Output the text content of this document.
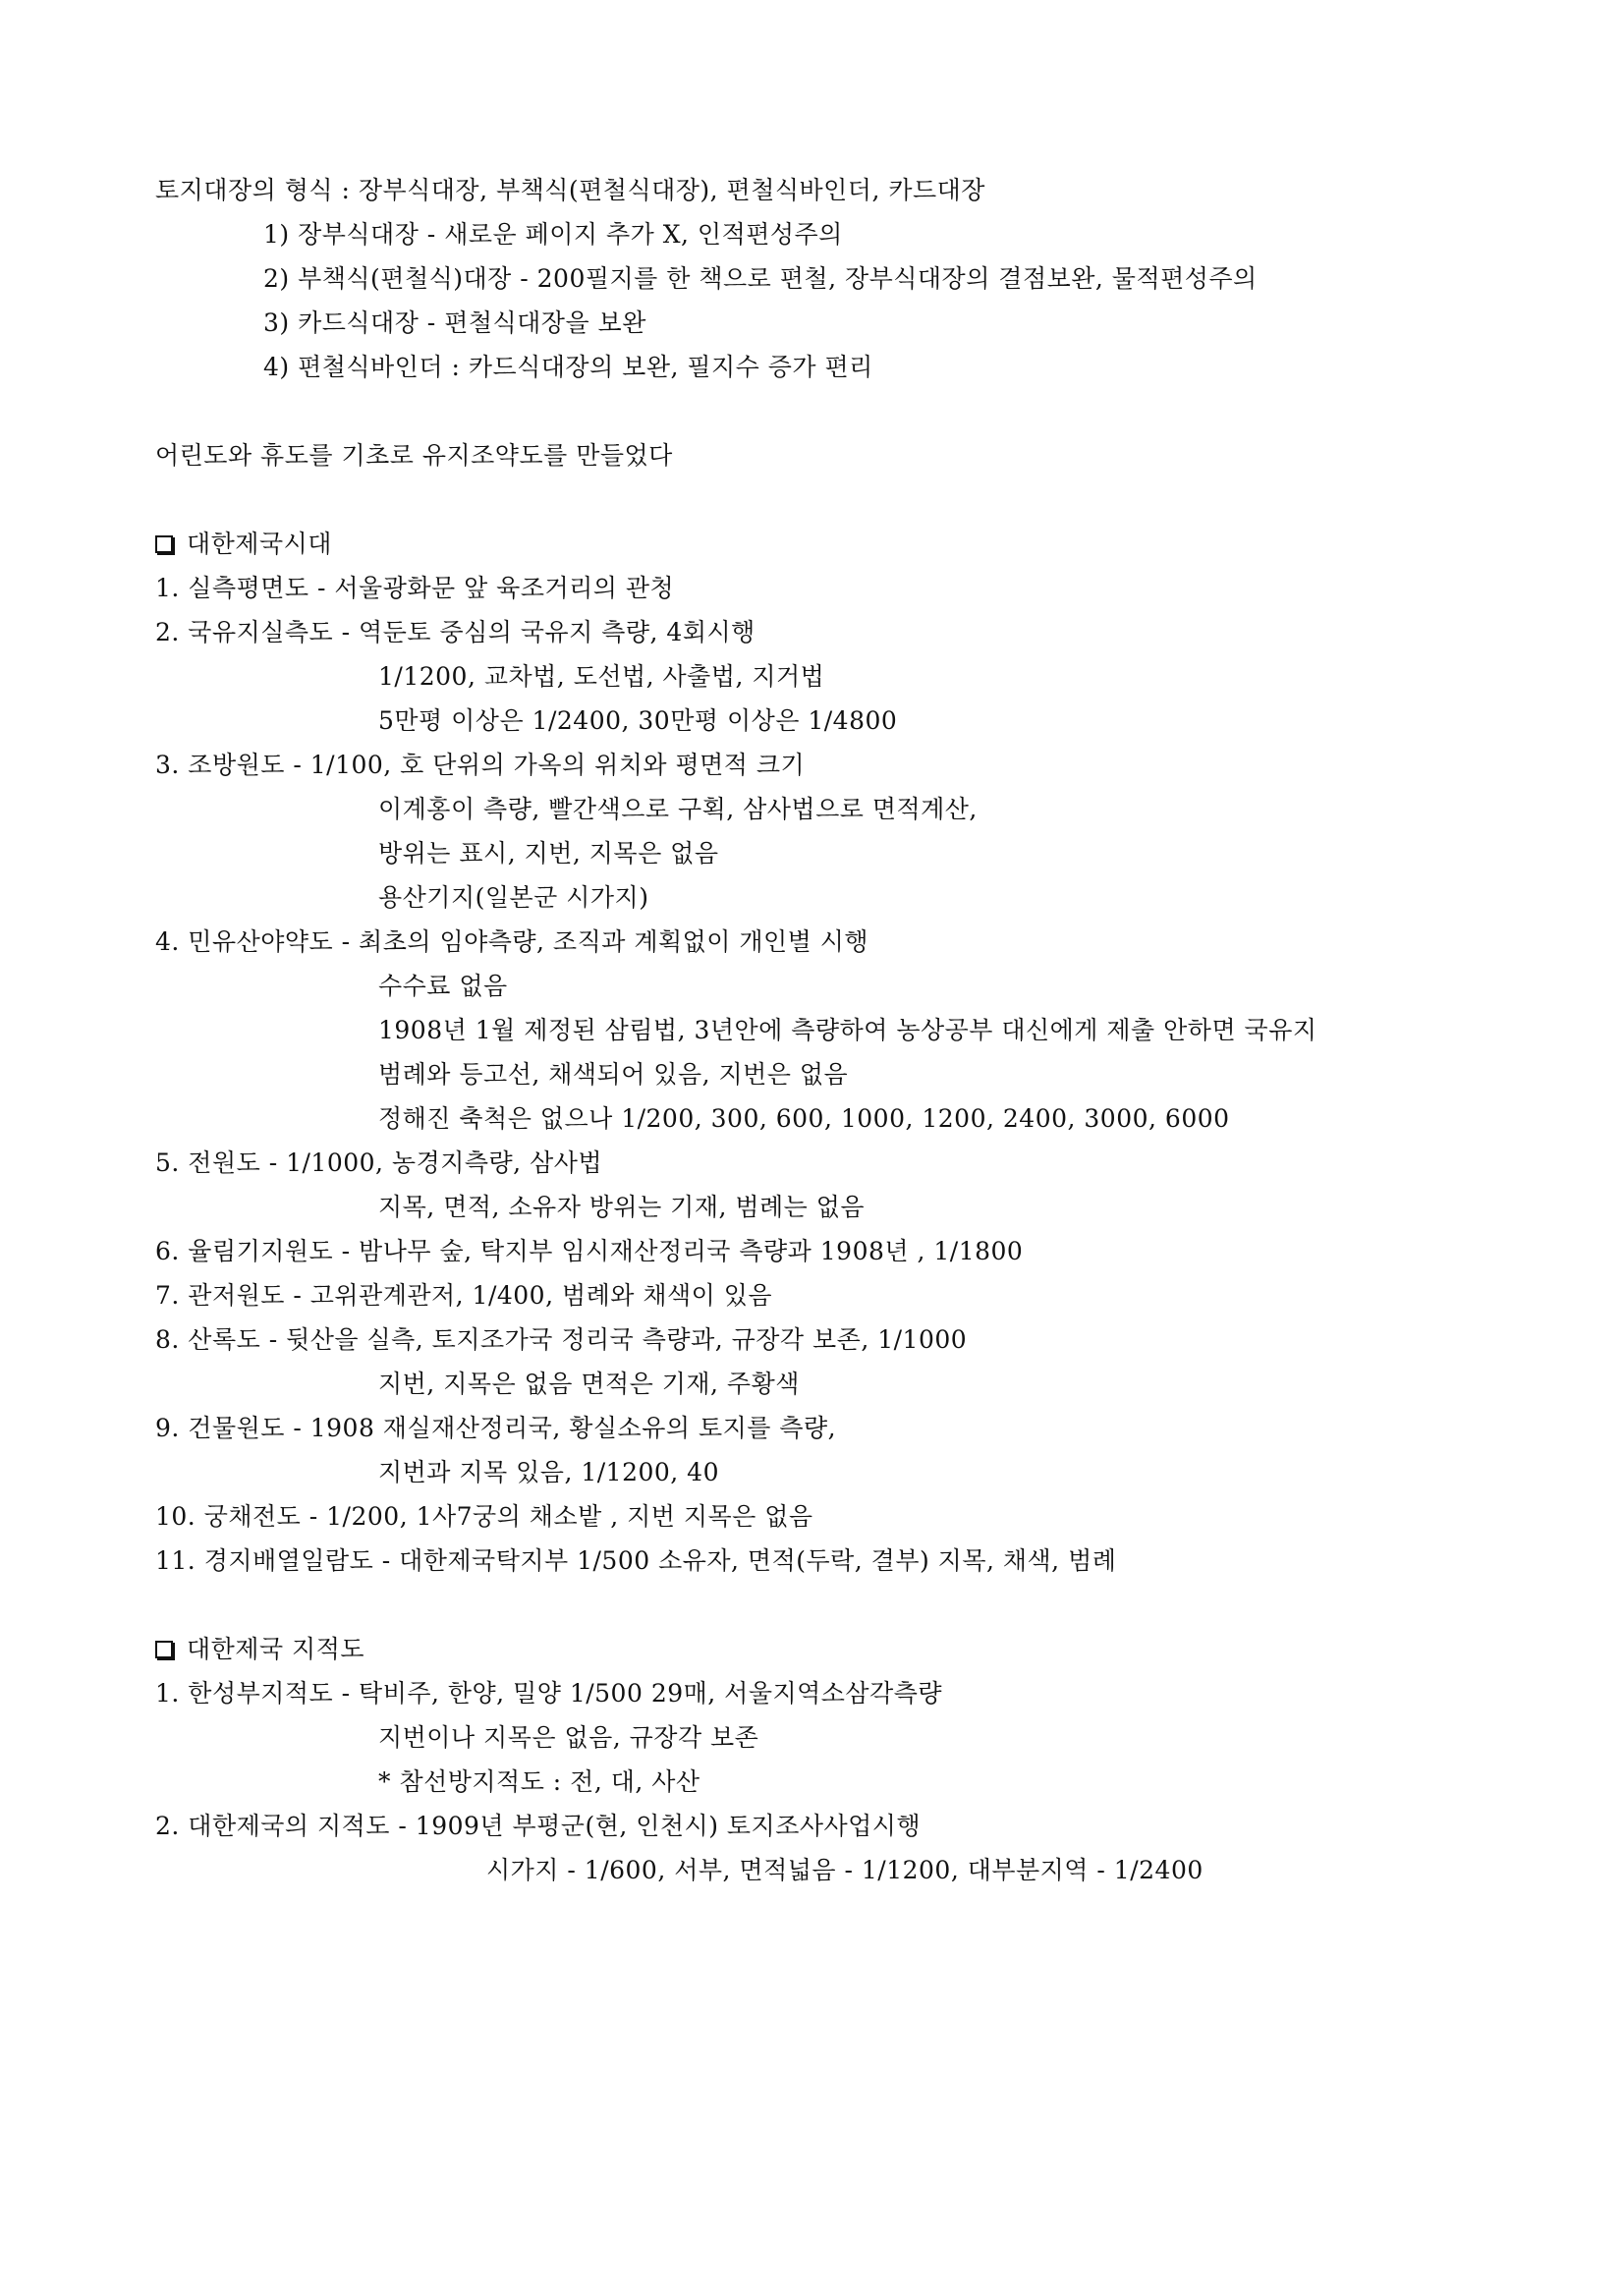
토지대장의 형식 : 장부식대장, 부책식(편철식대장), 편철식바인더, 카드대장
1) 장부식대장 - 새로운 페이지 추가 X, 인적편성주의
2) 부책식(편철식)대장 - 200필지를 한 책으로 편철, 장부식대장의 결점보완, 물적편성주의
3) 카드식대장 - 편철식대장을 보완
4) 편철식바인더 : 카드식대장의 보완, 필지수 증가 편리
어린도와 휴도를 기초로 유지조약도를 만들었다
대한제국시대
1. 실측평면도 - 서울광화문 앞 육조거리의 관청
2. 국유지실측도 - 역둔토 중심의 국유지 측량, 4회시행
1/1200, 교차법, 도선법, 사출법, 지거법
5만평 이상은 1/2400, 30만평 이상은 1/4800
3. 조방원도 - 1/100, 호 단위의 가옥의 위치와 평면적 크기
이계홍이 측량, 빨간색으로 구획, 삼사법으로 면적계산,
방위는 표시, 지번, 지목은 없음
용산기지(일본군 시가지)
4. 민유산야약도 - 최초의 임야측량, 조직과 계획없이 개인별 시행
수수료 없음
1908년 1월 제정된 삼림법, 3년안에 측량하여 농상공부 대신에게 제출 안하면 국유지
범례와 등고선, 채색되어 있음, 지번은 없음
정해진 축척은 없으나 1/200, 300, 600, 1000, 1200, 2400, 3000, 6000
5. 전원도 - 1/1000, 농경지측량, 삼사법
지목, 면적, 소유자 방위는 기재, 범례는 없음
6. 율림기지원도 - 밤나무 숲, 탁지부 임시재산정리국 측량과 1908년 , 1/1800
7. 관저원도 - 고위관계관저, 1/400, 범례와 채색이 있음
8. 산록도 - 뒷산을 실측, 토지조가국 정리국 측량과, 규장각 보존, 1/1000
지번, 지목은 없음 면적은 기재, 주황색
9. 건물원도 - 1908 재실재산정리국, 황실소유의 토지를 측량,
지번과 지목 있음, 1/1200, 40
10. 궁채전도 - 1/200, 1사7궁의 채소밭 , 지번 지목은 없음
11. 경지배열일람도 - 대한제국탁지부 1/500 소유자, 면적(두락, 결부) 지목, 채색, 범례
대한제국 지적도
1. 한성부지적도 - 탁비주, 한양, 밀양 1/500 29매, 서울지역소삼각측량
지번이나 지목은 없음, 규장각 보존
* 참선방지적도 : 전, 대, 사산
2. 대한제국의 지적도 - 1909년 부평군(현, 인천시) 토지조사사업시행
시가지 - 1/600, 서부, 면적넓음 - 1/1200, 대부분지역 - 1/2400
